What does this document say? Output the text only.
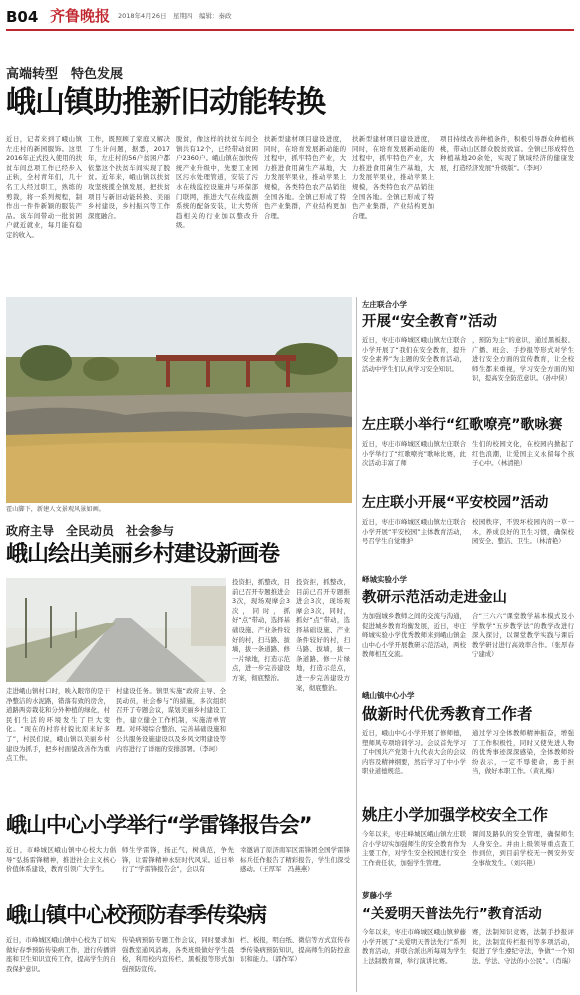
B04 齐鲁晚报 2018年4月26日　星期四　编辑：秦政
高端转型　特色发展
峨山镇助推新旧动能转换
近日，记者来到了峨山镇左庄村的新园服饰。这里2016年正式投入使用的扶贫车间总项工作已经步入正轨，全村青年们，几十名工人经过职工，熟练的剪裁，将一系列规程，制作出一件件新颖的服装产品。该车间带动一批贫困户就近就业，每月能有稳定的收入。
工作，既照顾了家庭又解决了生计问题，据悉，2017年，左庄村的56户贫困户都依靠这个扶贫车间实现了脱贫。近年来，峨山镇以扶贫攻坚统揽全镇发展，把扶贫项目与新旧动能转换、美丽乡村建设，乡村振兴等工作深度融合。
脱贫，像这样的扶贫车间全镇共有12个，已经带动贫困户2360户。峨山镇在加快传统产业升级中，先要工业园区污水处理管道，安装了污水在线监控设施并与环保部门联网，推进大气在线监测系统的配备安装，让大势所趋相关的行业加以整改升级。
扶新型建材项目建设进度，同时，在培育发展新动能的过程中，抓牢特色产业，大力推进食用菌生产基地，大力发展苹果业，推动苹果上规模，各类特色农产品销往全国各地。全镇已形成了特色产业集群，产业结构更加合理。
扶新型建材项目建设进度，同时，在培育发展新动能的过程中，抓牢特色产业，大力推进食用菌生产基地，大力发展苹果业，推动苹果上规模，各类特色农产品销往全国各地。全镇已形成了特色产业集群，产业结构更加合理。
项目持续改善种植条件，积极引导群众种植核桃，带动山区群众脱贫致富。全镇已形成特色种植基地20余处，实现了镇域经济的健康发展，打造经济发展“升级版”。（李珂）
霍山脚下，新建人文景观风景如画。
政府主导　全民动员　社会参与
峨山绘出美丽乡村建设新画卷
投资拒，抓整改，目前已召开专题推进会3次，现场观摩会3次，同时，抓好“点”带动，选择基础设施、产业条件较好的村，扫马路、拔墙，拔一条道路、修一片绿地，打造示范点，进一步完善建设方案，彻底整治。
投资拒，抓整改，目前已召开专题推进会3次，现场观摩会3次，同时，抓好“点”带动，选择基础设施、产业条件较好的村，扫马路、拔墙，拔一条道路、修一片绿地，打造示范点，进一步完善建设方案，彻底整治。
走进峨山镇村口时，映入眼帘的是干净整洁的水泥路，错落有致的房舍，道路两旁栽花和分外种植的绿化，村民们生活的环境发生了巨大变化。“现在的村容村貌比原来好多了”，村民们说，峨山镇以美丽乡村建设为抓手，把乡村面貌改善作为重点工作。
村建设任务。镇里实施“政府主导、全民动员，社会参与”的措施，多次组织召开了专题会议，谋划美丽乡村建设工作，建立健全工作机制，实施清单管理。对环境综合整治、完善基础设施和公共服务设施建设以及乡风文明建设等内容进行了详细的安排部署。（李珂）
峨山中心小学举行“学雷锋报告会”
近日，市峰城区峨山镇中心校大力倡导“弘扬雷锋精神，推进社会主义核心价值体系建设，教育引领广大学生。
师生学雷锋，扬正气，树典范，争先锋，让雷锋精神永驻时代风采。近日举行了“学雷锋报告会”，会以有
幸邀请了原济南军区雷锋团全国学雷锋标兵任作报告了精彩报告，学生们深受感动。（王厚军　冯燕燕）
峨山镇中心校预防春季传染病
近日，市峰城区峨山镇中心校为了切实做好春季预防传染病工作，进行传播讲座和卫生知识宣传工作，提高学生的自我保护意识。
传染病预防专题工作会议，同时要求加强教室通风消毒，各类班级做好学生晨检，利用校内宣传栏、黑板报等形式加强预防宣传。
栏、板报，明白纸、微信等方式宣传春季传染病预防知识，提高师生的防控意识和能力。（郭作军）
左庄联合小学
开展“安全教育”活动
近日，枣庄市峰城区峨山镇左庄联合小学开展了“我们在安全教育，提升安全素养”为主题的安全教育活动，活动中学生们认真学习安全知识。
，预防为主”的意识，通过黑板报、广播、班会、手抄报等形式对学生进行安全方面的宣传教育，让全校师生都来重视，学习安全方面的知识，提高安全防范意识。（孙中侠）
左庄联小举行“红歌嘹亮”歌咏赛
近日，枣庄市峰城区峨山镇左庄联合小学举行了“红歌嘹亮”歌咏比赛，此次活动丰富了师
生们的校园文化，在校园内掀起了红色浪潮，让爱国主义永留每个孩子心中。（林清艳）
左庄联小开展“平安校园”活动
近日，枣庄市峰城区峨山镇左庄联合小学开展“平安校园”主体教育活动，号召学生自觉维护
校园秩序，不毁坏校园内的一草一木，养成良好的卫生习惯，确保校园安全、整洁、卫生。（林清艳）
峄城实验小学
教研示范活动走进金山
为加强城乡教师之间的交流与沟通，促进城乡教育均衡发展，近日，枣庄峄城实验小学优秀教师来到峨山镇金山中心小学开展教研示范活动，两校教师相互交流。
合“三六六”课堂教学基本模式及小学数学“五步教学法”的教学改进行深入探讨，以课堂教学实践与课后教学研讨进行高效率合作。（张厚春　宁建成）
峨山镇中心小学
做新时代优秀教育工作者
近日，峨山中心小学开展了修师德，塑师风专项培训学习。会议首先学习了中国共产党第十九代表大会的会议内容及精神纲要，然后学习了中小学职业道德规范。
通过学习全体教师精神振奋，增强了工作积极性，同时又使先进人物的优秀事迹深深感染，全体教师纷纷表示，一定不辱使命，勇于担当，做好本职工作。（黄礼梅）
姚庄小学加强学校安全工作
今年以来，枣庄峰城区峨山镇左庄联合小学切实加强师生的安全教育作为主要工作，对学生安全校园进行安全工作责任状，加强学生管理。
课间及路队的安全管理，确保师生人身安全。并由上级领导重点查工作到位，到目前学校无一例安外安全事故发生。（刘兴艳）
萝藤小学
“关爱明天普法先行”教育活动
今年以来，枣庄市峰城区峨山镇萝藤小学开展了“关爱明天普法先行”系列教育活动，并联合派出所每周为学生上法制教育课，举行演讲比赛。
赛，法制知识竞赛，法制手抄报评比，法制宣传栏报刊等多项活动，促进了学生遵纪守法，争做“一个知法、学法、守法的小公民”。（肖瑞）
